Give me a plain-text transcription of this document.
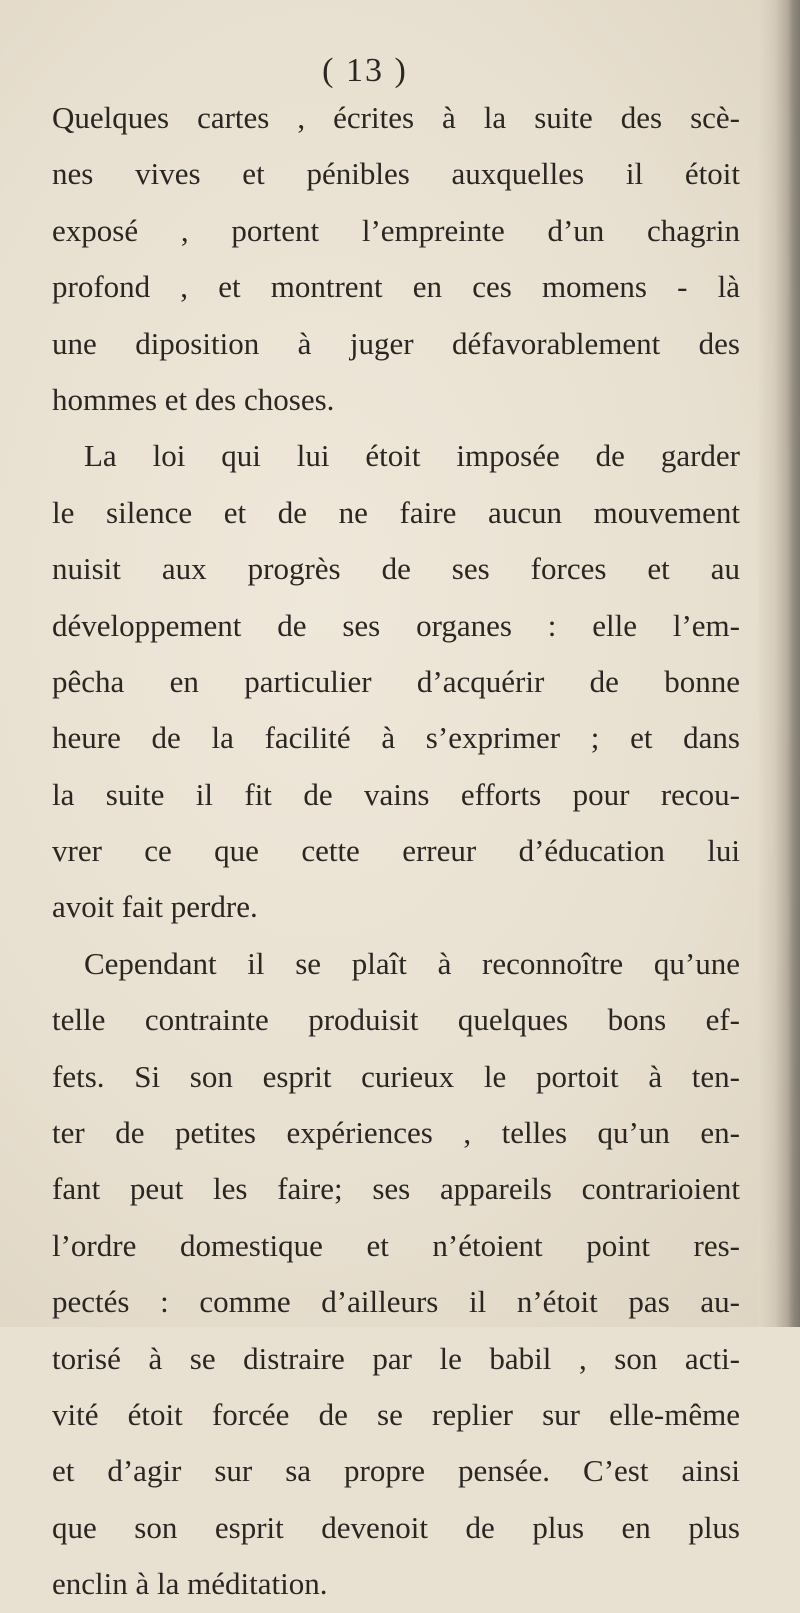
( 13 )
Quelques cartes , écrites à la suite des scè-
nes vives et pénibles auxquelles il étoit
exposé , portent l’empreinte d’un chagrin
profond , et montrent en ces momens - là
une diposition à juger défavorablement des
hommes et des choses.
La loi qui lui étoit imposée de garder
le silence et de ne faire aucun mouvement
nuisit aux progrès de ses forces et au
développement de ses organes : elle l’em-
pêcha en particulier d’acquérir de bonne
heure de la facilité à s’exprimer ; et dans
la suite il fit de vains efforts pour recou-
vrer ce que cette erreur d’éducation lui
avoit fait perdre.
Cependant il se plaît à reconnoître qu’une
telle contrainte produisit quelques bons ef-
fets. Si son esprit curieux le portoit à ten-
ter de petites expériences , telles qu’un en-
fant peut les faire; ses appareils contrarioient
l’ordre domestique et n’étoient point res-
pectés : comme d’ailleurs il n’étoit pas au-
torisé à se distraire par le babil , son acti-
vité étoit forcée de se replier sur elle-même
et d’agir sur sa propre pensée. C’est ainsi
que son esprit devenoit de plus en plus
enclin à la méditation.
